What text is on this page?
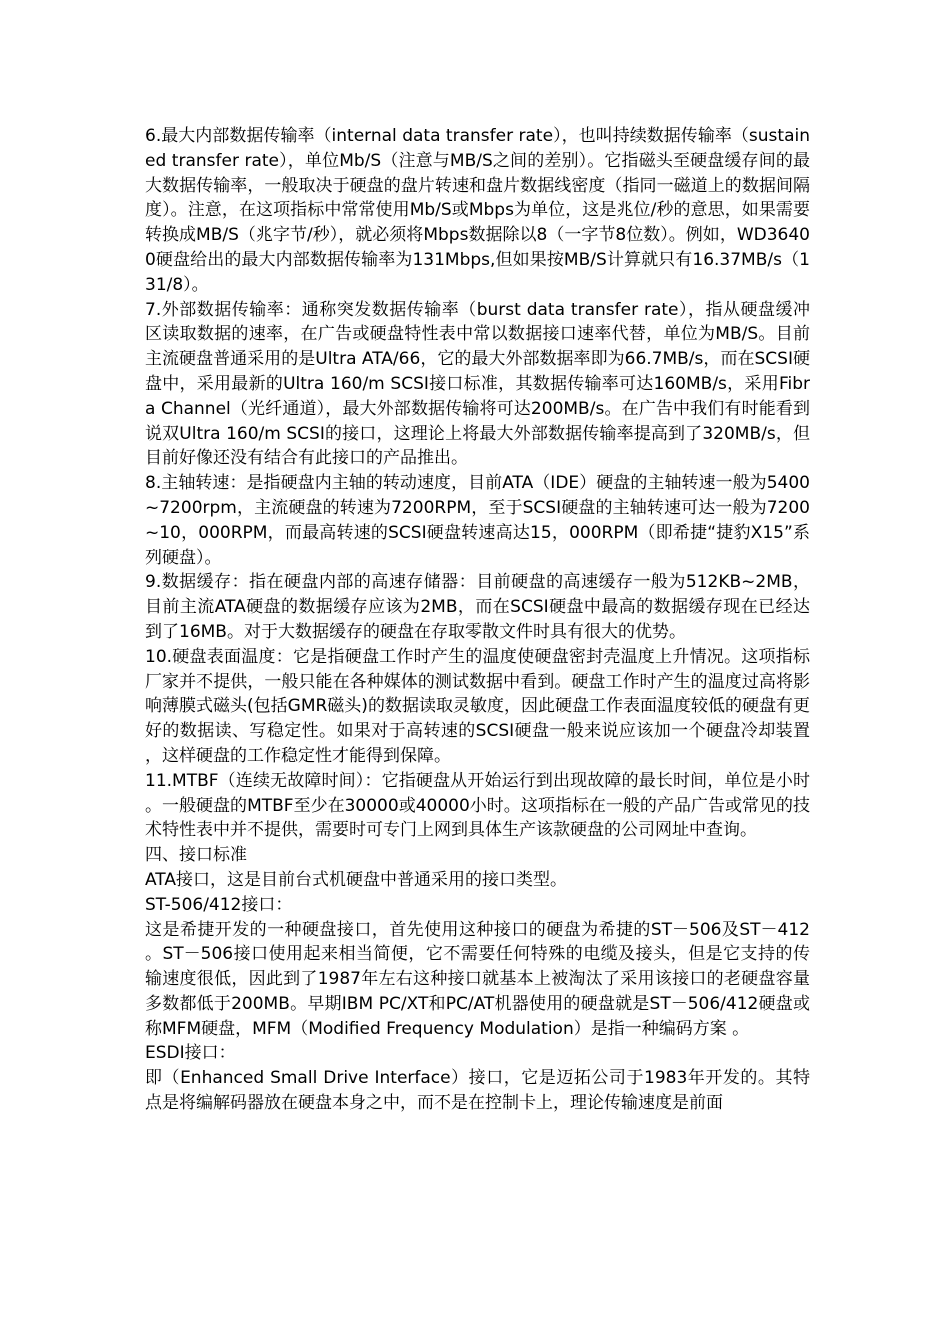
6.最大内部数据传输率（internal data transfer rate），也叫持续数据传输率（sustained transfer rate），单位Mb/S（注意与MB/S之间的差别）。它指磁头至硬盘缓存间的最大数据传输率，一般取决于硬盘的盘片转速和盘片数据线密度（指同一磁道上的数据间隔度）。注意，在这项指标中常常使用Mb/S或Mbps为单位，这是兆位/秒的意思，如果需要转换成MB/S（兆字节/秒），就必须将Mbps数据除以8（一字节8位数）。例如，WD36400硬盘给出的最大内部数据传输率为131Mbps,但如果按MB/S计算就只有16.37MB/s（131/8）。

7.外部数据传输率：通称突发数据传输率（burst data transfer rate），指从硬盘缓冲区读取数据的速率，在广告或硬盘特性表中常以数据接口速率代替，单位为MB/S。目前主流硬盘普通采用的是Ultra ATA/66，它的最大外部数据率即为66.7MB/s，而在SCSI硬盘中，采用最新的Ultra 160/m SCSI接口标准，其数据传输率可达160MB/s，采用Fibra Channel（光纤通道），最大外部数据传输将可达200MB/s。在广告中我们有时能看到说双Ultra 160/m SCSI的接口，这理论上将最大外部数据传输率提高到了320MB/s，但目前好像还没有结合有此接口的产品推出。

8.主轴转速：是指硬盘内主轴的转动速度，目前ATA（IDE）硬盘的主轴转速一般为5400~7200rpm，主流硬盘的转速为7200RPM，至于SCSI硬盘的主轴转速可达一般为7200~10，000RPM，而最高转速的SCSI硬盘转速高达15，000RPM（即希捷“捷豹X15”系列硬盘）。

9.数据缓存：指在硬盘内部的高速存储器：目前硬盘的高速缓存一般为512KB~2MB，目前主流ATA硬盘的数据缓存应该为2MB，而在SCSI硬盘中最高的数据缓存现在已经达到了16MB。对于大数据缓存的硬盘在存取零散文件时具有很大的优势。

10.硬盘表面温度：它是指硬盘工作时产生的温度使硬盘密封壳温度上升情况。这项指标厂家并不提供，一般只能在各种媒体的测试数据中看到。硬盘工作时产生的温度过高将影响薄膜式磁头(包括GMR磁头)的数据读取灵敏度，因此硬盘工作表面温度较低的硬盘有更好的数据读、写稳定性。如果对于高转速的SCSI硬盘一般来说应该加一个硬盘冷却装置，这样硬盘的工作稳定性才能得到保障。

11.MTBF（连续无故障时间）：它指硬盘从开始运行到出现故障的最长时间，单位是小时。一般硬盘的MTBF至少在30000或40000小时。这项指标在一般的产品广告或常见的技术特性表中并不提供，需要时可专门上网到具体生产该款硬盘的公司网址中查询。

四、接口标准

ATA接口，这是目前台式机硬盘中普通采用的接口类型。

ST-506/412接口：

这是希捷开发的一种硬盘接口，首先使用这种接口的硬盘为希捷的ST－506及ST－412。ST－506接口使用起来相当简便，它不需要任何特殊的电缆及接头，但是它支持的传输速度很低，因此到了1987年左右这种接口就基本上被淘汰了采用该接口的老硬盘容量多数都低于200MB。早期IBM PC/XT和PC/AT机器使用的硬盘就是ST－506/412硬盘或称MFM硬盘，MFM（Modified Frequency Modulation）是指一种编码方案 。

ESDI接口：

即（Enhanced Small Drive Interface）接口，它是迈拓公司于1983年开发的。其特点是将编解码器放在硬盘本身之中，而不是在控制卡上，理论传输速度是前面
